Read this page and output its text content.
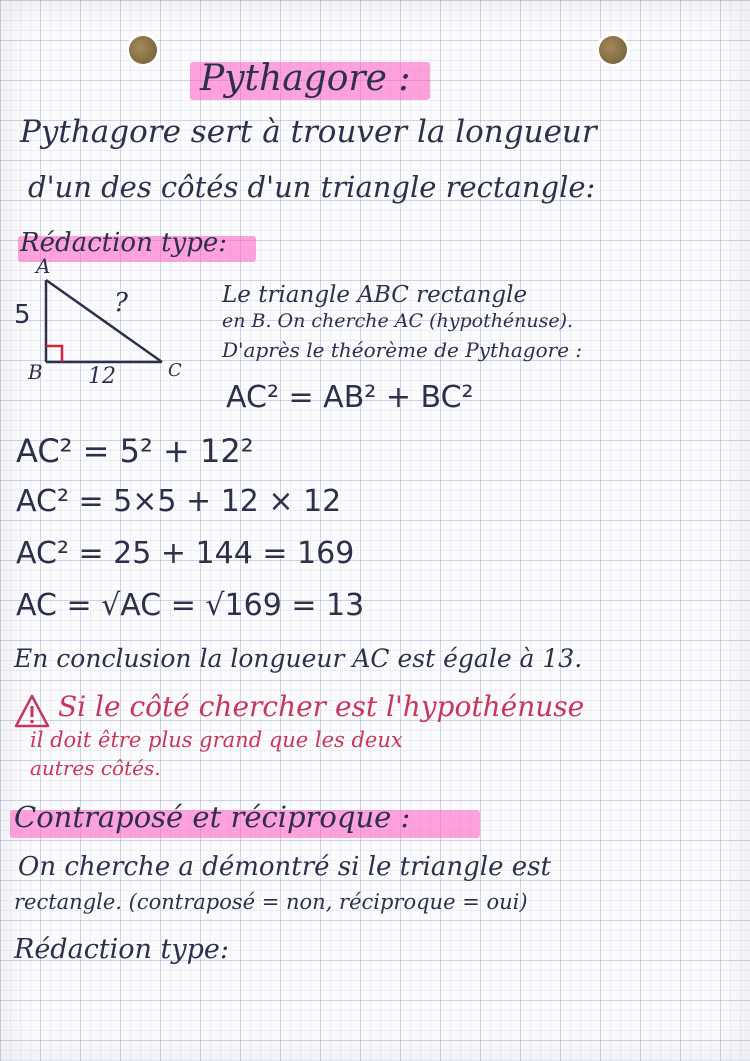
Pythagore :
Pythagore sert à trouver la longueur
d'un des côtés d'un triangle rectangle:
Rédaction type:
A
B	C
5
12
?	Le triangle ABC rectangle
en B. On cherche AC (hypothénuse).
D'après le théorème de Pythagore :
AC² = AB² + BC²
AC² = 5² + 12²
AC² = 5×5 + 12 × 12
AC² = 25 + 144 = 169
AC = √AC = √169 = 13
En conclusion la longueur AC est égale à 13.
Si le côté chercher est l'hypothénuse
il doit être plus grand que les deux
autres côtés.
Contraposé et réciproque :
On cherche a démontré si le triangle est
rectangle. (contraposé = non, réciproque = oui)
Rédaction type:
